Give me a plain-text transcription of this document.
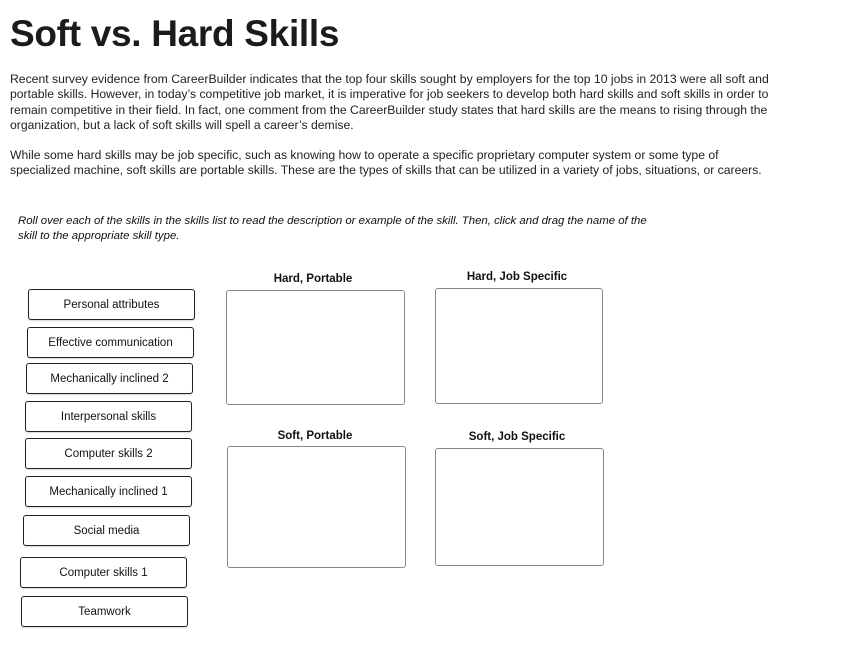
Soft vs. Hard Skills

Recent survey evidence from CareerBuilder indicates that the top four skills sought by employers for the top 10 jobs in 2013 were all soft and portable skills. However, in today’s competitive job market, it is imperative for job seekers to develop both hard skills and soft skills in order to remain competitive in their field. In fact, one comment from the CareerBuilder study states that hard skills are the means to rising through the organization, but a lack of soft skills will spell a career’s demise.

While some hard skills may be job specific, such as knowing how to operate a specific proprietary computer system or some type of specialized machine, soft skills are portable skills. These are the types of skills that can be utilized in a variety of jobs, situations, or careers.

Roll over each of the skills in the skills list to read the description or example of the skill. Then, click and drag the name of the skill to the appropriate skill type.

Personal attributes
Effective communication
Mechanically inclined 2
Interpersonal skills
Computer skills 2
Mechanically inclined 1
Social media
Computer skills 1
Teamwork
Hard, Portable	Hard, Job Specific
Soft, Portable	Soft, Job Specific
